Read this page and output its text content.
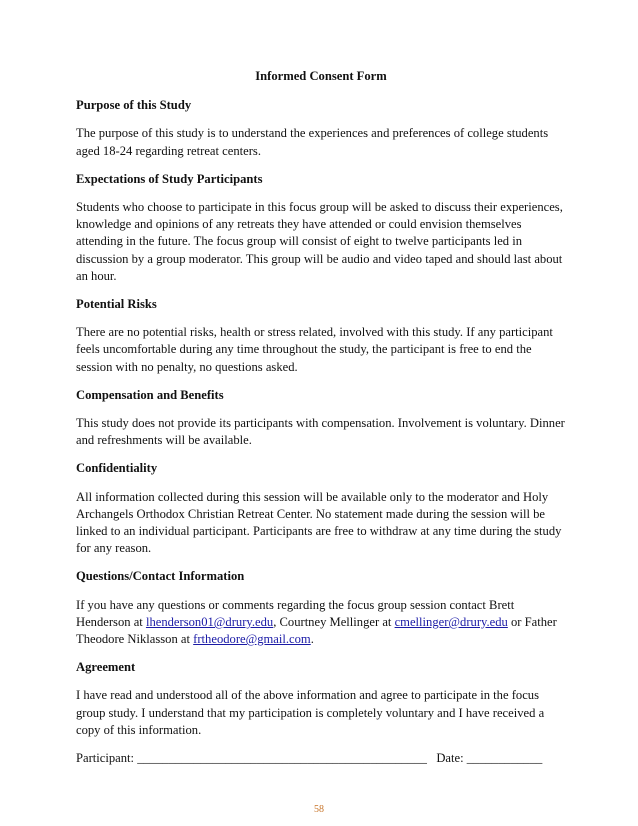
Informed Consent Form
Purpose of this Study
The purpose of this study is to understand the experiences and preferences of college students aged 18-24 regarding retreat centers.
Expectations of Study Participants
Students who choose to participate in this focus group will be asked to discuss their experiences, knowledge and opinions of any retreats they have attended or could envision themselves attending in the future. The focus group will consist of eight to twelve participants led in discussion by a group moderator. This group will be audio and video taped and should last about an hour.
Potential Risks
There are no potential risks, health or stress related, involved with this study. If any participant feels uncomfortable during any time throughout the study, the participant is free to end the session with no penalty, no questions asked.
Compensation and Benefits
This study does not provide its participants with compensation. Involvement is voluntary. Dinner and refreshments will be available.
Confidentiality
All information collected during this session will be available only to the moderator and Holy Archangels Orthodox Christian Retreat Center. No statement made during the session will be linked to an individual participant. Participants are free to withdraw at any time during the study for any reason.
Questions/Contact Information
If you have any questions or comments regarding the focus group session contact Brett Henderson at lhenderson01@drury.edu, Courtney Mellinger at cmellinger@drury.edu or Father Theodore Niklasson at frtheodore@gmail.com.
Agreement
I have read and understood all of the above information and agree to participate in the focus group study. I understand that my participation is completely voluntary and I have received a copy of this information.
Participant: ______________________________________________ Date: ____________
58
